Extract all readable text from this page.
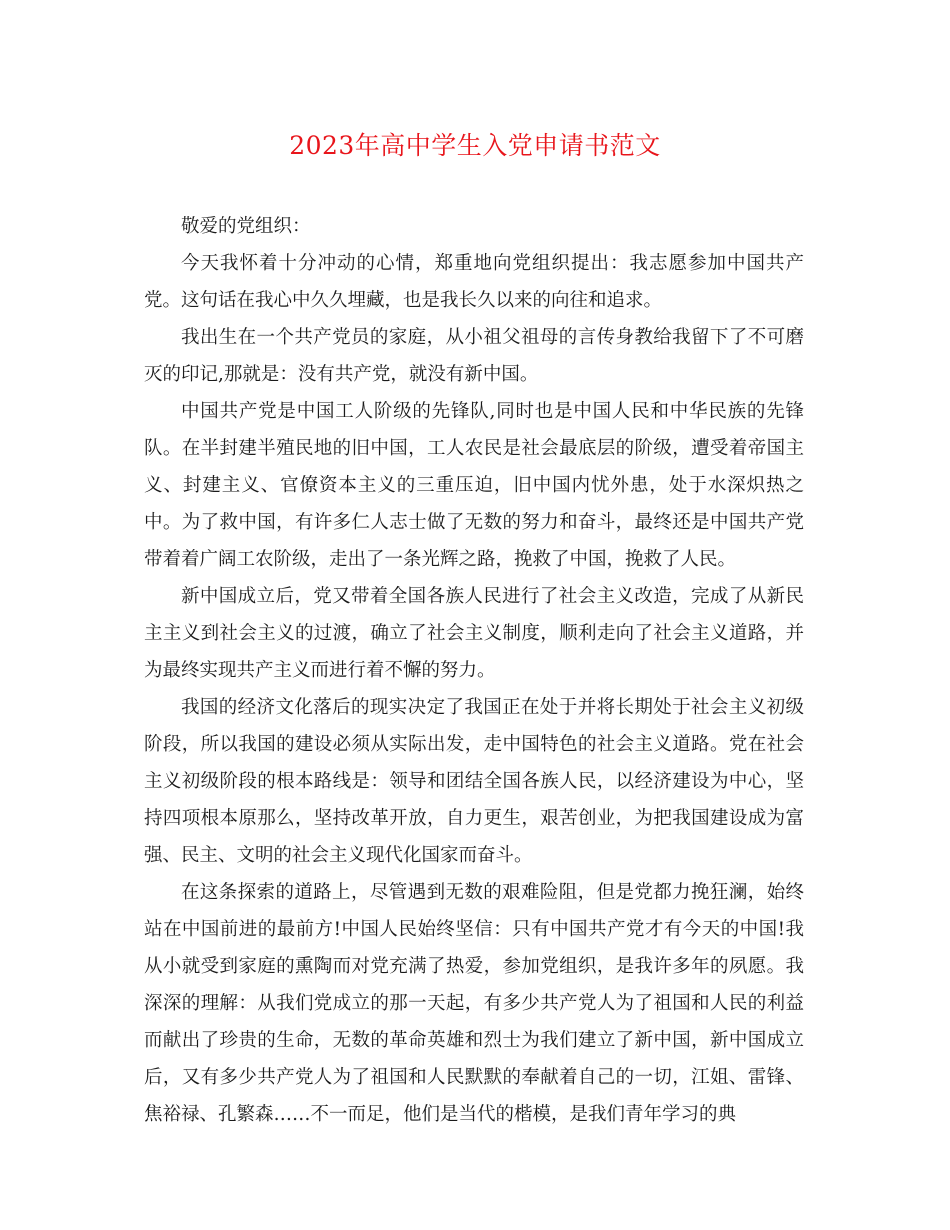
2023年高中学生入党申请书范文

敬爱的党组织：

今天我怀着十分冲动的心情，郑重地向党组织提出：我志愿参加中国共产党。这句话在我心中久久埋藏，也是我长久以来的向往和追求。

我出生在一个共产党员的家庭，从小祖父祖母的言传身教给我留下了不可磨灭的印记,那就是：没有共产党，就没有新中国。

中国共产党是中国工人阶级的先锋队,同时也是中国人民和中华民族的先锋队。在半封建半殖民地的旧中国，工人农民是社会最底层的阶级，遭受着帝国主义、封建主义、官僚资本主义的三重压迫，旧中国内忧外患，处于水深炽热之中。为了救中国，有许多仁人志士做了无数的努力和奋斗，最终还是中国共产党带着着广阔工农阶级，走出了一条光辉之路，挽救了中国，挽救了人民。

新中国成立后，党又带着全国各族人民进行了社会主义改造，完成了从新民主主义到社会主义的过渡，确立了社会主义制度，顺利走向了社会主义道路，并为最终实现共产主义而进行着不懈的努力。

我国的经济文化落后的现实决定了我国正在处于并将长期处于社会主义初级阶段，所以我国的建设必须从实际出发，走中国特色的社会主义道路。党在社会主义初级阶段的根本路线是：领导和团结全国各族人民，以经济建设为中心，坚持四项根本原那么，坚持改革开放，自力更生，艰苦创业，为把我国建设成为富强、民主、文明的社会主义现代化国家而奋斗。

在这条探索的道路上，尽管遇到无数的艰难险阻，但是党都力挽狂澜，始终站在中国前进的最前方!中国人民始终坚信：只有中国共产党才有今天的中国!我从小就受到家庭的熏陶而对党充满了热爱，参加党组织，是我许多年的夙愿。我深深的理解：从我们党成立的那一天起，有多少共产党人为了祖国和人民的利益而献出了珍贵的生命，无数的革命英雄和烈士为我们建立了新中国，新中国成立后，又有多少共产党人为了祖国和人民默默的奉献着自己的一切，江姐、雷锋、焦裕禄、孔繁森……不一而足，他们是当代的楷模，是我们青年学习的典
